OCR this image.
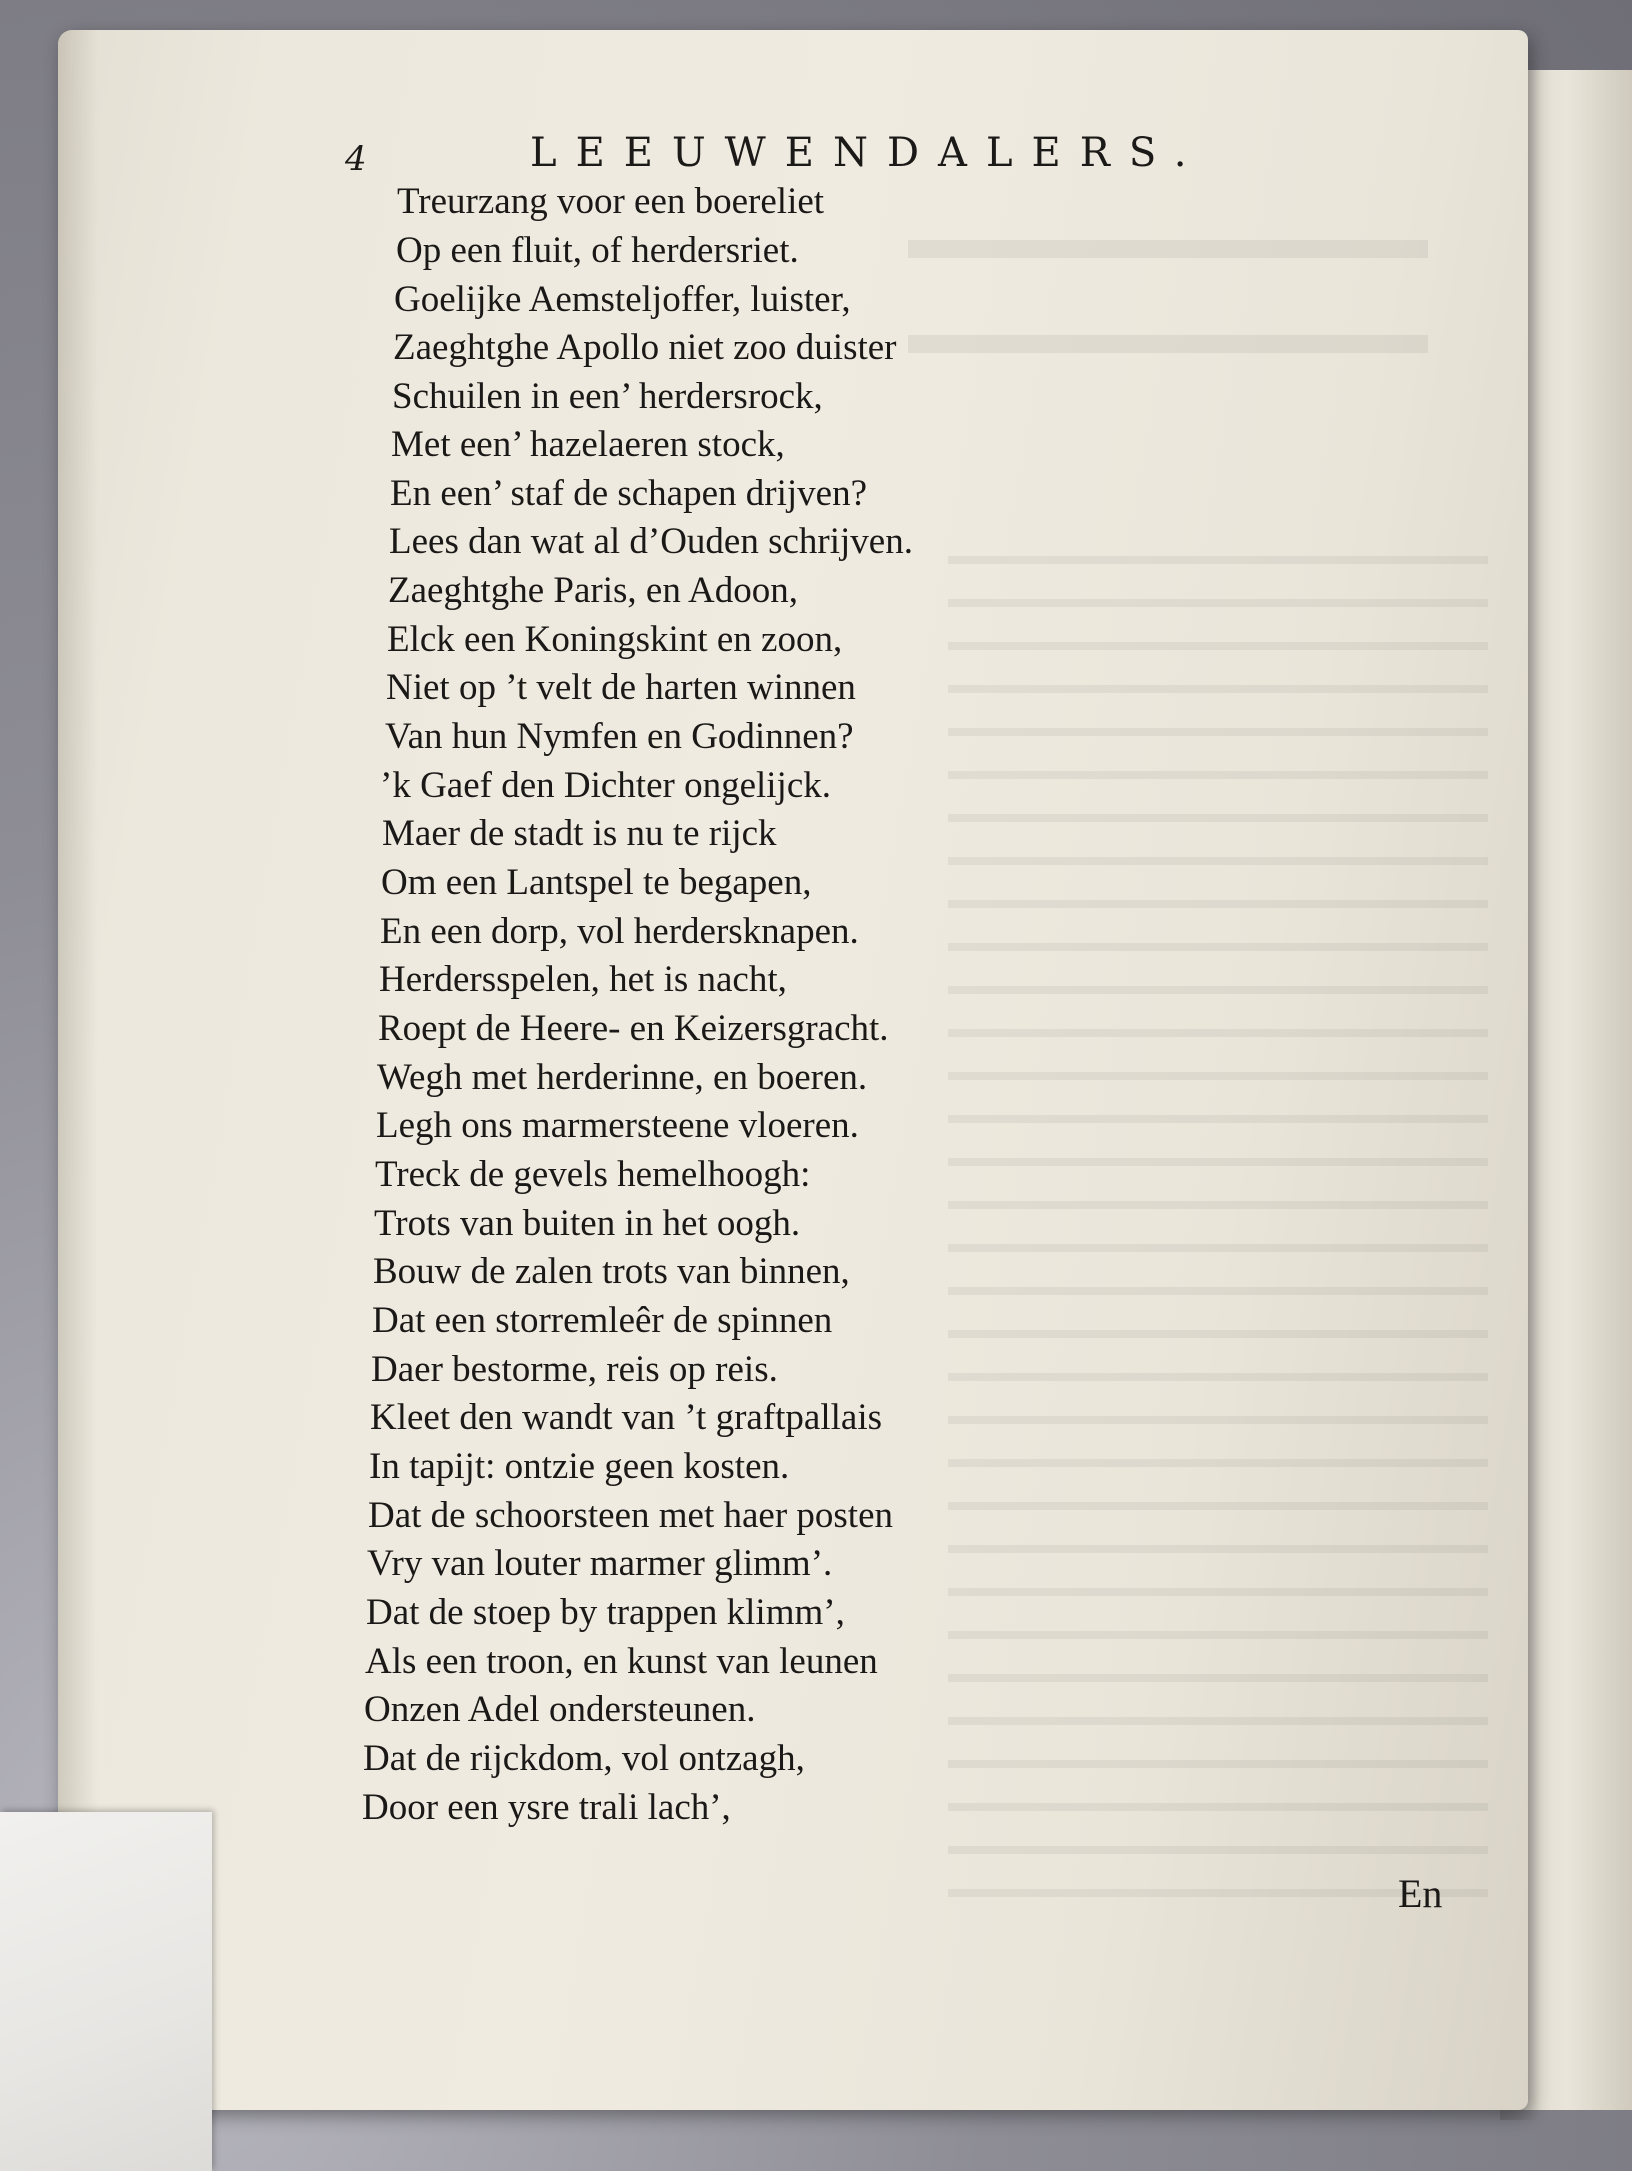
4	LEEUWENDALERS.
Treurzang voor een boereliet
Op een fluit, of herdersriet.
Goelijke Aemsteljoffer, luister,
Zaeghtghe Apollo niet zoo duister
Schuilen in een’ herdersrock,
Met een’ hazelaeren stock,
En een’ staf de schapen drijven?
Lees dan wat al d’Ouden schrijven.
Zaeghtghe Paris, en Adoon,
Elck een Koningskint en zoon,
Niet op ’t velt de harten winnen
Van hun Nymfen en Godinnen?
’k Gaef den Dichter ongelijck.
Maer de stadt is nu te rijck
Om een Lantspel te begapen,
En een dorp, vol herdersknapen.
Herdersspelen, het is nacht,
Roept de Heere- en Keizersgracht.
Wegh met herderinne, en boeren.
Legh ons marmersteene vloeren.
Treck de gevels hemelhoogh:
Trots van buiten in het oogh.
Bouw de zalen trots van binnen,
Dat een storremleêr de spinnen
Daer bestorme, reis op reis.
Kleet den wandt van ’t graftpallais
In tapijt: ontzie geen kosten.
Dat de schoorsteen met haer posten
Vry van louter marmer glimm’.
Dat de stoep by trappen klimm’,
Als een troon, en kunst van leunen
Onzen Adel ondersteunen.
Dat de rijckdom, vol ontzagh,
Door een ysre trali lach’,
En
